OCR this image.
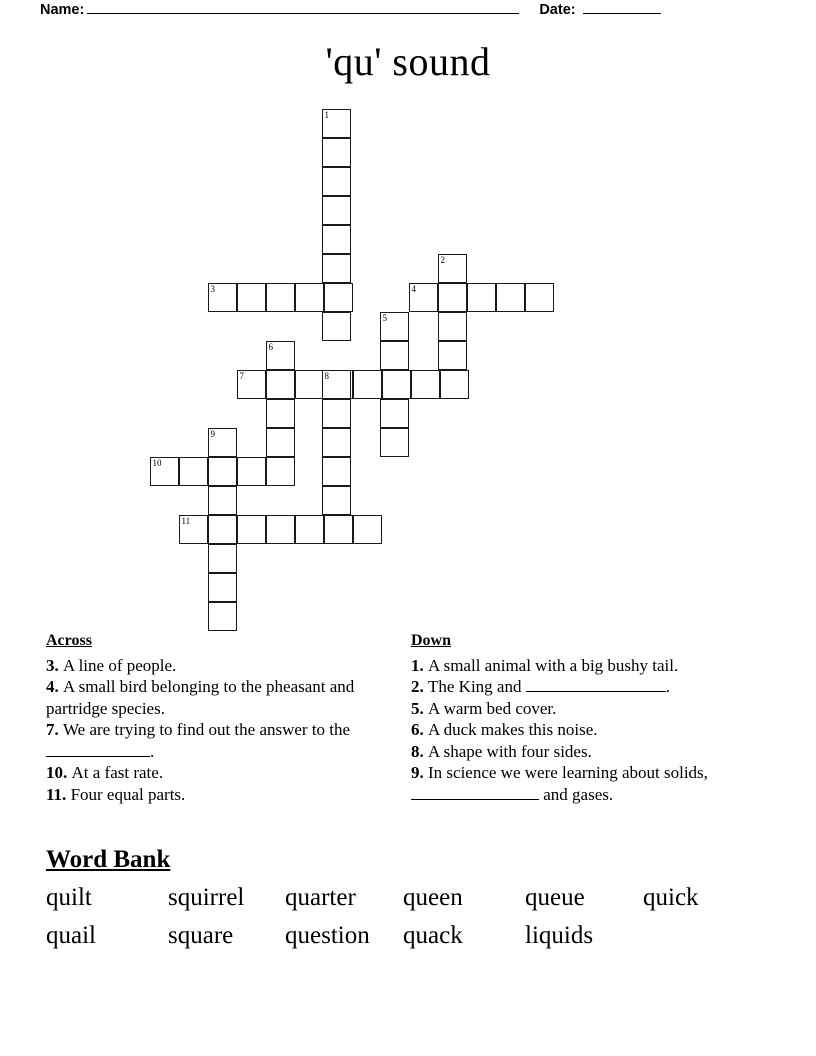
Name:	Date:
'qu' sound
1
2
3	4
5
6
7	8
9
10
11
Across
3. A line of people.
4. A small bird belonging to the pheasant and partridge species.
7. We are trying to find out the answer to the .
10. At a fast rate.
11. Four equal parts.
Down
1. A small animal with a big bushy tail.
2. The King and	.
5. A warm bed cover.
6. A duck makes this noise.
8. A shape with four sides.
9. In science we were learning about solids,  and gases.
Word Bank
quilt	squirrel quarter queen queue quick
quail	square question quack liquids
